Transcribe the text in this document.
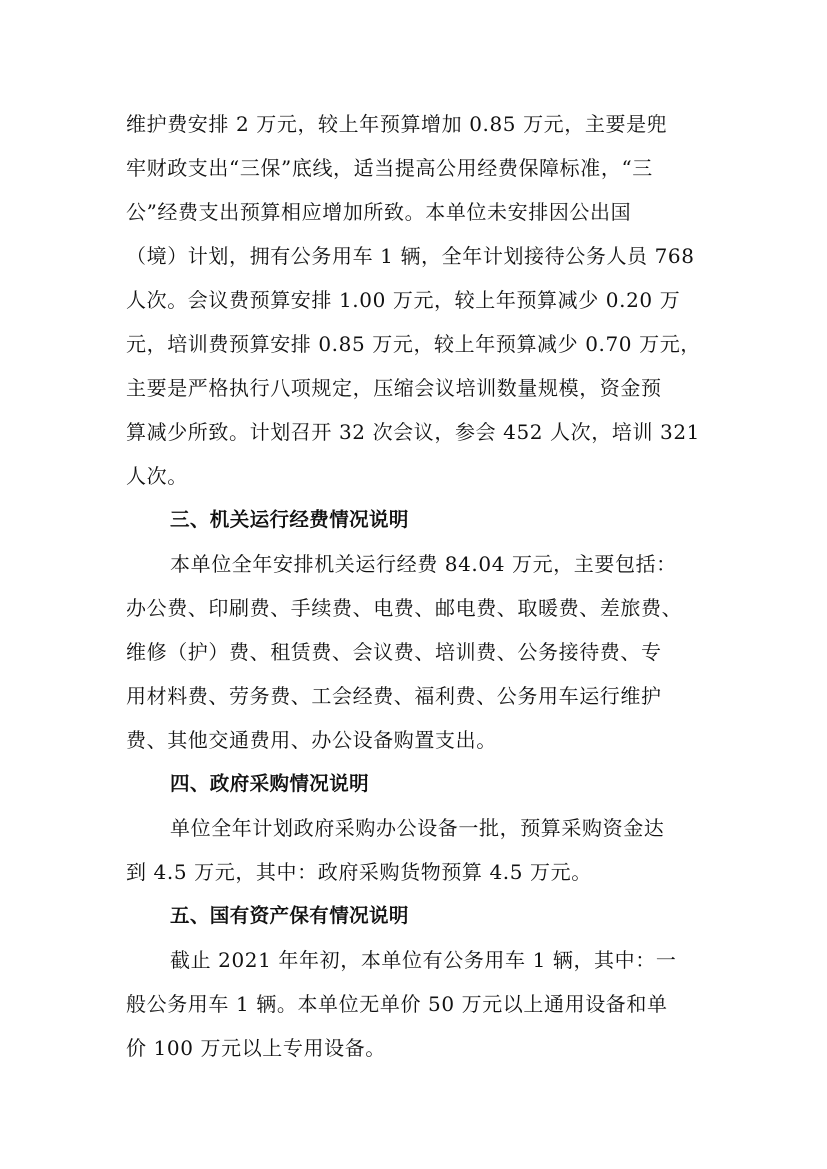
维护费安排 2 万元，较上年预算增加 0.85 万元，主要是兜
牢财政支出“三保”底线，适当提高公用经费保障标准，“三
公”经费支出预算相应增加所致。本单位未安排因公出国
（境）计划，拥有公务用车 1 辆，全年计划接待公务人员 768
人次。会议费预算安排 1.00 万元，较上年预算减少 0.20 万
元，培训费预算安排 0.85 万元，较上年预算减少 0.70 万元，
主要是严格执行八项规定，压缩会议培训数量规模，资金预
算减少所致。计划召开 32 次会议，参会 452 人次，培训 321
人次。
三、机关运行经费情况说明
本单位全年安排机关运行经费 84.04 万元，主要包括：
办公费、印刷费、手续费、电费、邮电费、取暖费、差旅费、
维修（护）费、租赁费、会议费、培训费、公务接待费、专
用材料费、劳务费、工会经费、福利费、公务用车运行维护
费、其他交通费用、办公设备购置支出。
四、政府采购情况说明
单位全年计划政府采购办公设备一批，预算采购资金达
到 4.5 万元，其中：政府采购货物预算 4.5 万元。
五、国有资产保有情况说明
截止 2021 年年初，本单位有公务用车 1 辆，其中：一
般公务用车 1 辆。本单位无单价 50 万元以上通用设备和单
价 100 万元以上专用设备。
